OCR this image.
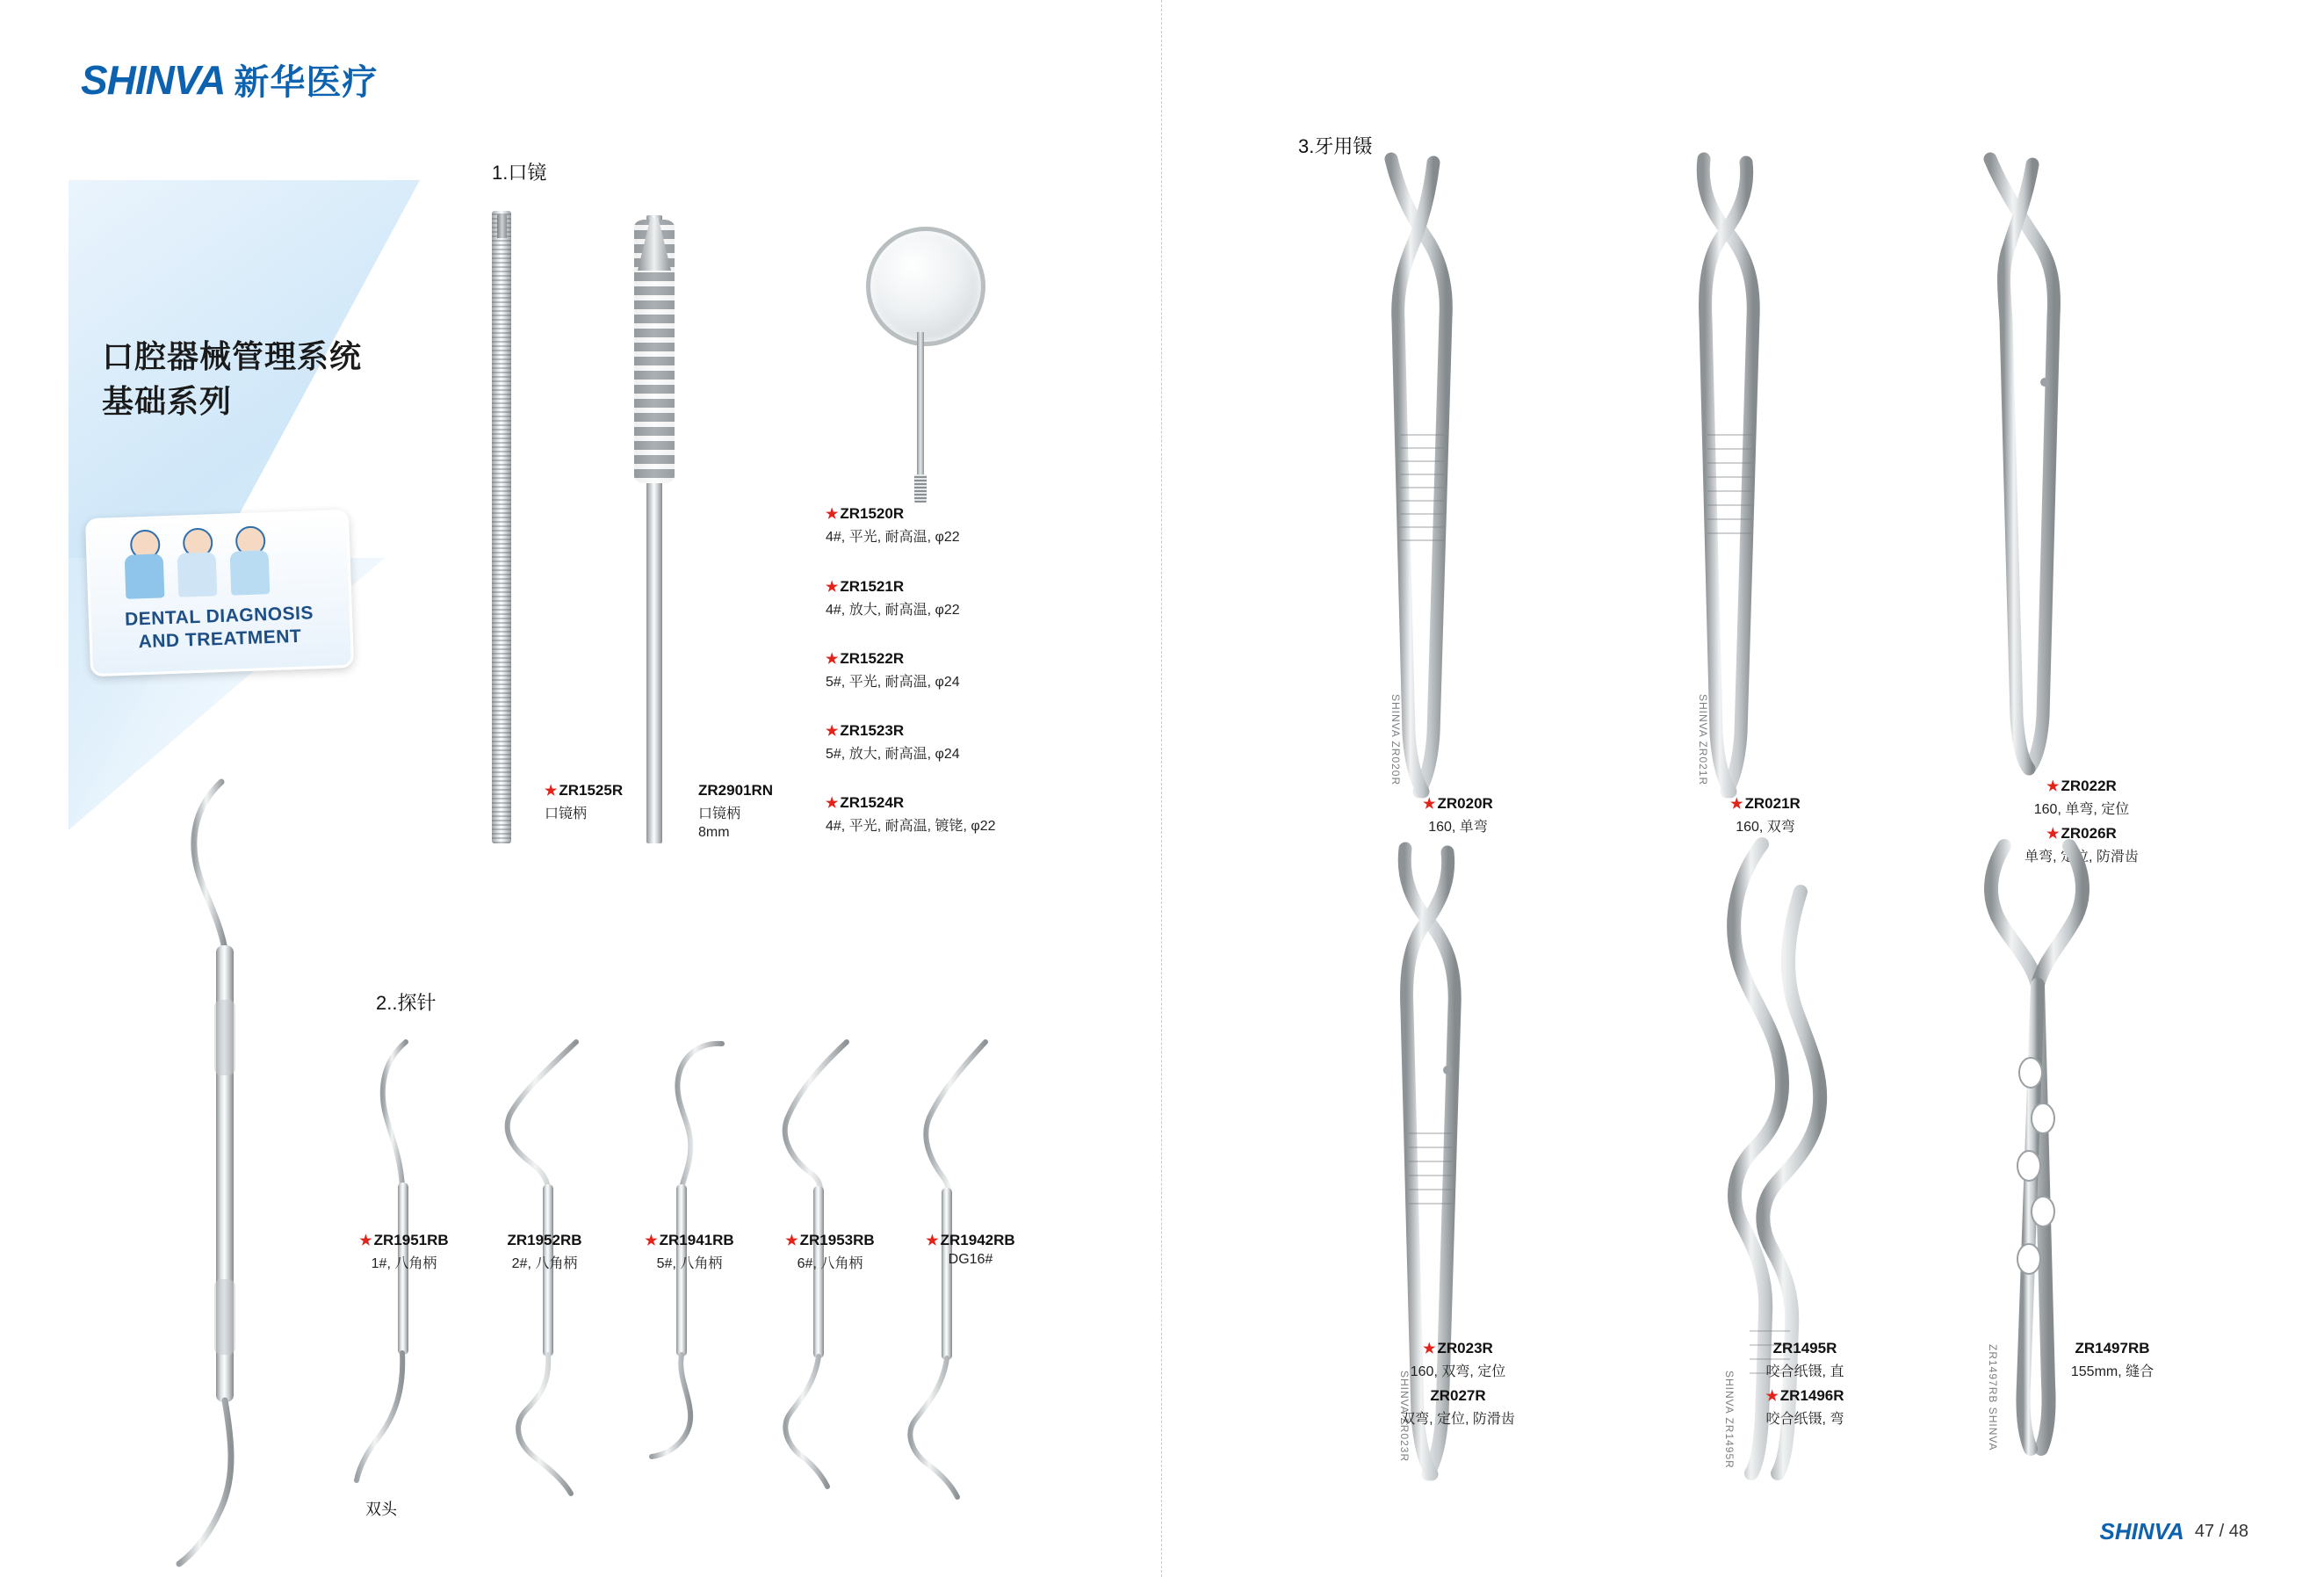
SHINVA 新华医疗
口腔器械管理系统
基础系列
DENTAL DIAGNOSIS
AND TREATMENT
1.口镜
★ ZR1525R
口镜柄
ZR2901RN
口镜柄
8mm
★ ZR1520R
4#, 平光, 耐高温, φ22
★ ZR1521R
4#, 放大, 耐高温, φ22
★ ZR1522R
5#, 平光, 耐高温, φ24
★ ZR1523R
5#, 放大, 耐高温, φ24
★ ZR1524R
4#, 平光, 耐高温, 镀铑, φ22
2..探针
双头
★ ZR1951RB
1#, 八角柄
ZR1952RB
2#, 八角柄
★ ZR1941RB
5#, 八角柄
★ ZR1953RB
6#, 八角柄
★ ZR1942RB
DG16#
3.牙用镊
SHINVA ZR020R	SHINVA ZR021R
★ ZR020R
160, 单弯
★ ZR021R
160, 双弯
★ ZR022R
160, 单弯, 定位
★ ZR026R
单弯, 定位, 防滑齿
SHINVA ZR023R	SHINVA ZR1495R	ZR1497RB SHINVA
★ ZR023R
160, 双弯, 定位
ZR027R
双弯, 定位, 防滑齿
ZR1495R
咬合纸镊, 直
★ ZR1496R
咬合纸镊, 弯
ZR1497RB
155mm, 缝合
SHINVA 47 / 48
